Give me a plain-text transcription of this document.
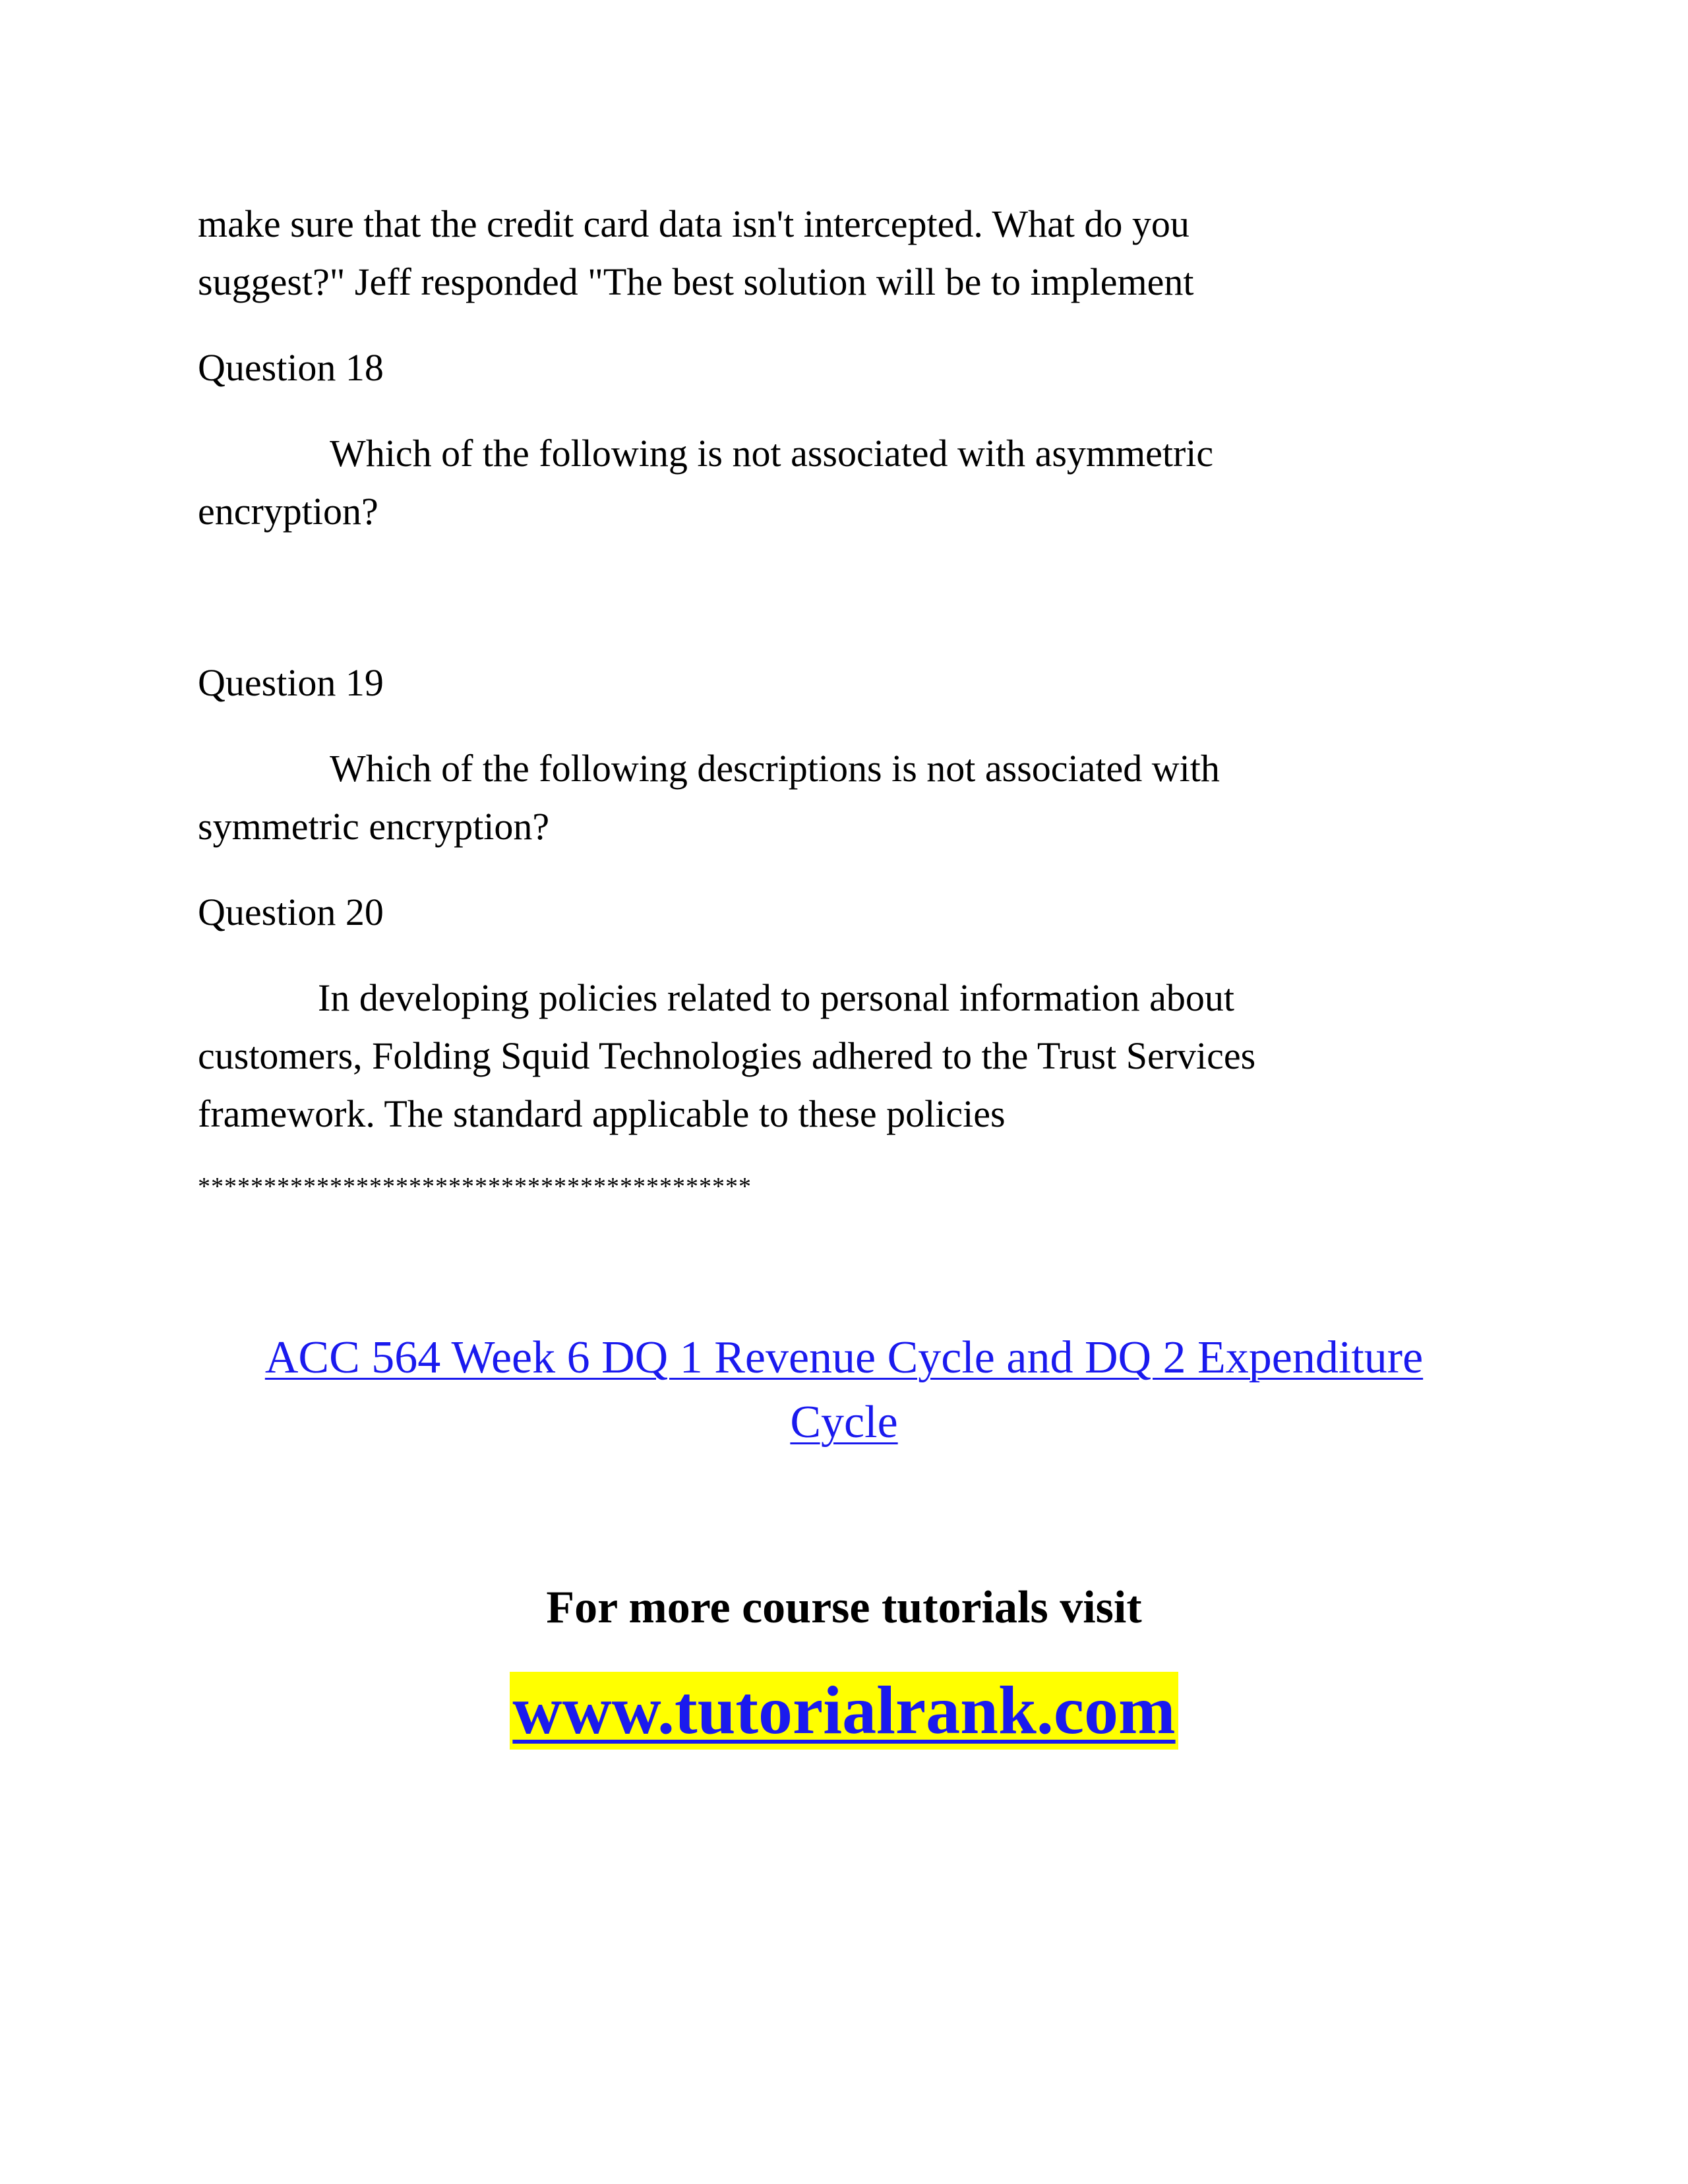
make sure that the credit card data isn't intercepted. What do you
suggest?" Jeff responded "The best solution will be to implement
Question 18
Which of the following is not associated with asymmetric
encryption?
Question 19
Which of the following descriptions is not associated with
symmetric encryption?
Question 20
In developing policies related to personal information about
customers, Folding Squid Technologies adhered to the Trust Services
framework. The standard applicable to these policies
******************************************
ACC 564 Week 6 DQ 1 Revenue Cycle and DQ 2 Expenditure
Cycle
For more course tutorials visit
www.tutorialrank.com
